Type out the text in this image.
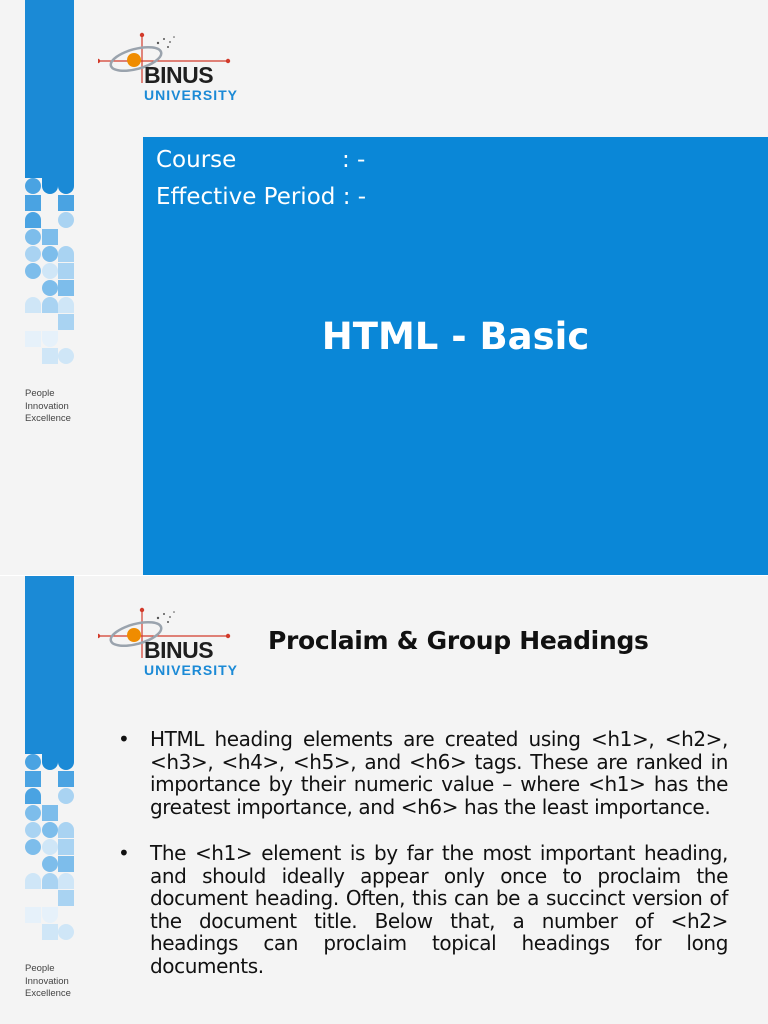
BINUS
UNIVERSITY
People
Innovation
Excellence
Course	: -
Effective Period : -
HTML - Basic
BINUS
UNIVERSITY
Proclaim & Group Headings
• HTML heading elements are created using <h1>, <h2>, <h3>, <h4>, <h5>, and <h6> tags. These are ranked in importance by their numeric value – where <h1> has the greatest importance, and <h6> has the least importance.
• The <h1> element is by far the most important heading, and should ideally appear only once to proclaim the document heading. Often, this can be a succinct version of the document title. Below that, a number of <h2> headings can proclaim topical headings for long documents.
People
Innovation
Excellence
